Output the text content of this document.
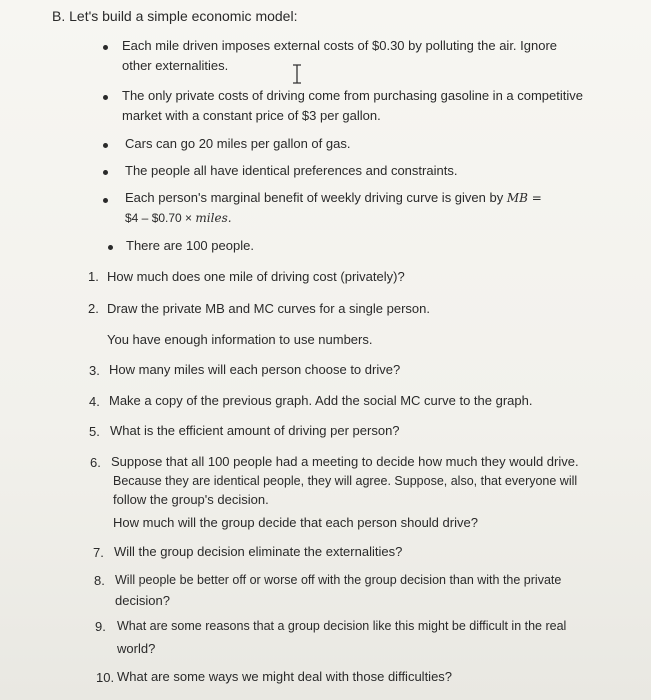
B. Let's build a simple economic model:
Each mile driven imposes external costs of $0.30 by polluting the air. Ignore
other externalities.
The only private costs of driving come from purchasing gasoline in a competitive
market with a constant price of $3 per gallon.
Cars can go 20 miles per gallon of gas.
The people all have identical preferences and constraints.
Each person's marginal benefit of weekly driving curve is given by MB =
$4 – $0.70 × miles.
There are 100 people.
1. How much does one mile of driving cost (privately)?
2. Draw the private MB and MC curves for a single person.
You have enough information to use numbers.
3. How many miles will each person choose to drive?
4. Make a copy of the previous graph. Add the social MC curve to the graph.
5. What is the efficient amount of driving per person?
6. Suppose that all 100 people had a meeting to decide how much they would drive.
Because they are identical people, they will agree. Suppose, also, that everyone will
follow the group's decision.
How much will the group decide that each person should drive?
7. Will the group decision eliminate the externalities?
8. Will people be better off or worse off with the group decision than with the private
decision?
9. What are some reasons that a group decision like this might be difficult in the real
world?
10. What are some ways we might deal with those difficulties?
